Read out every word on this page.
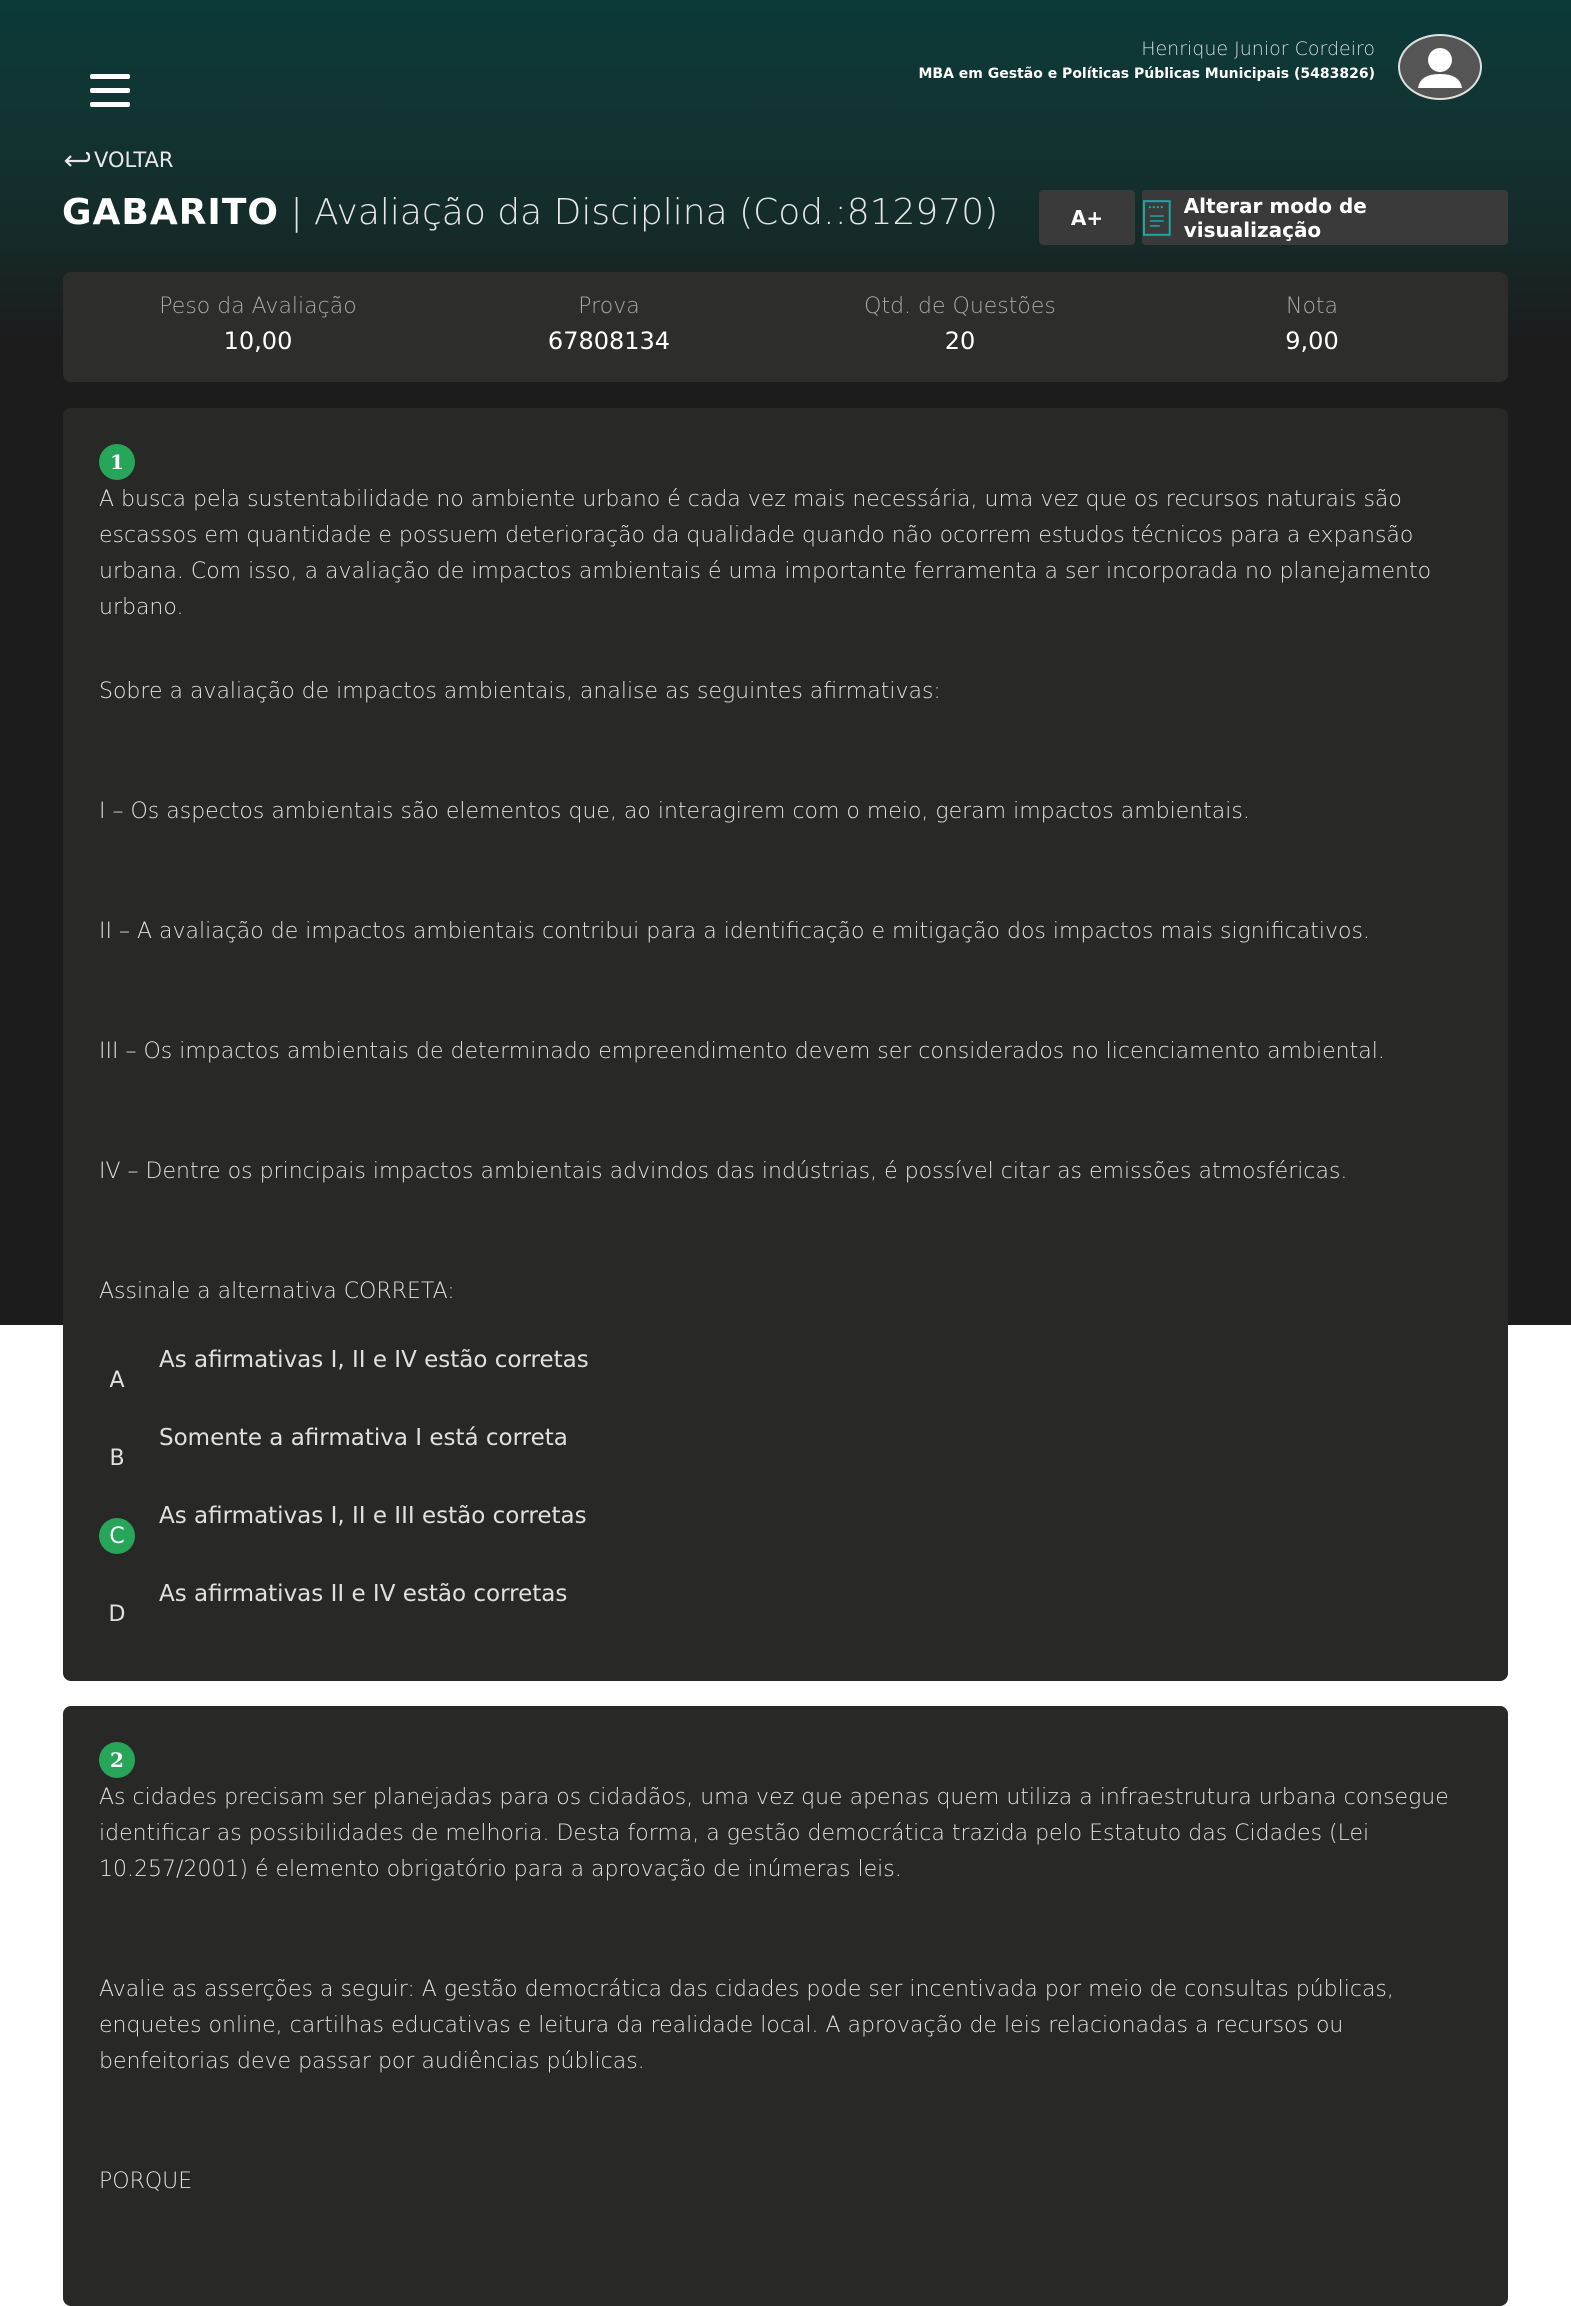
Henrique Junior Cordeiro
MBA em Gestão e Políticas Públicas Municipais (5483826)
VOLTAR
GABARITO | Avaliação da Disciplina (Cod.:812970)	A+	Alterar modo de visualização
Peso da Avaliação
10,00
Prova
67808134
Qtd. de Questões
20
Nota
9,00
1
A busca pela sustentabilidade no ambiente urbano é cada vez mais necessária, uma vez que os recursos naturais são escassos em quantidade e possuem deterioração da qualidade quando não ocorrem estudos técnicos para a expansão urbana. Com isso, a avaliação de impactos ambientais é uma importante ferramenta a ser incorporada no planejamento urbano.
Sobre a avaliação de impactos ambientais, analise as seguintes afirmativas:
I – Os aspectos ambientais são elementos que, ao interagirem com o meio, geram impactos ambientais.
II – A avaliação de impactos ambientais contribui para a identificação e mitigação dos impactos mais significativos.
III – Os impactos ambientais de determinado empreendimento devem ser considerados no licenciamento ambiental.
IV – Dentre os principais impactos ambientais advindos das indústrias, é possível citar as emissões atmosféricas.
Assinale a alternativa CORRETA:
A
As afirmativas I, II e IV estão corretas
B
Somente a afirmativa I está correta
C
As afirmativas I, II e III estão corretas
D
As afirmativas II e IV estão corretas
2
As cidades precisam ser planejadas para os cidadãos, uma vez que apenas quem utiliza a infraestrutura urbana consegue identificar as possibilidades de melhoria. Desta forma, a gestão democrática trazida pelo Estatuto das Cidades (Lei 10.257/2001) é elemento obrigatório para a aprovação de inúmeras leis.
Avalie as asserções a seguir: A gestão democrática das cidades pode ser incentivada por meio de consultas públicas, enquetes online, cartilhas educativas e leitura da realidade local. A aprovação de leis relacionadas a recursos ou benfeitorias deve passar por audiências públicas.
PORQUE
